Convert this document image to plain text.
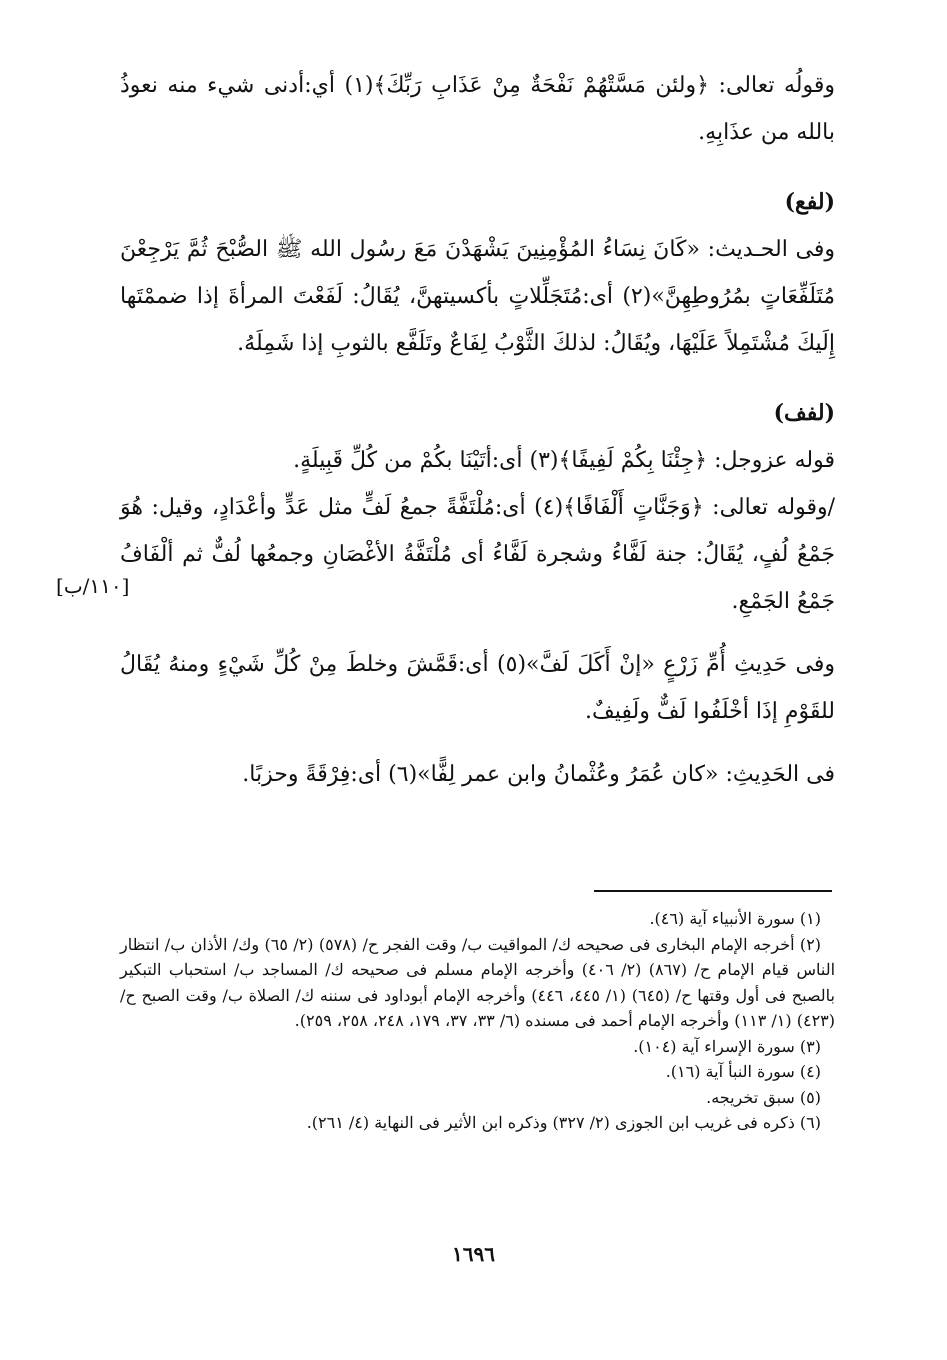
وقولُه تعالى: ﴿ولئن مَسَّتْهُمْ نَفْحَةٌ مِنْ عَذَابِ رَبِّكَ﴾(١) أي:أدنى شيء منه نعوذُ بالله من عذَابِهِ.

(لفع)

وفى الحـديث: «كَانَ نِسَاءُ المُؤْمِنِينَ يَشْهَدْنَ مَعَ رسُول الله ﷺ الصُّبْحَ ثُمَّ يَرْجِعْنَ مُتَلَفِّعَاتٍ بمُرُوطِهِنَّ»(٢) أى:مُتَجَلِّلاتٍ بأكسيتهنَّ، يُقَالُ: لَفَعْتَ المرأةَ إذا ضممْتَها إِلَيكَ مُشْتَمِلاً عَلَيْهَا، ويُقَالُ: لذلكَ الثَّوْبُ لِفَاعٌ وتَلَفَّع بالثوبِ إذا شَمِلَهُ.

(لفف)

قوله عزوجل: ﴿جِئْنَا بِكُمْ لَفِيفًا﴾(٣) أى:أتَيْنَا بكُمْ من كُلِّ قَبِيلَةٍ.

/وقوله تعالى: ﴿وَجَنَّاتٍ أَلْفَافًا﴾(٤) أى:مُلْتَفَّةً جمعُ لَفٍّ مثل عَدٍّ وأعْدَادٍ، وقيل: هُوَ جَمْعُ لُفٍ، يُقَالُ: جنة لَفَّاءُ وشجرة لَفَّاءُ أى مُلْتَفَّةُ الأغْصَانِ وجمعُها لُفٌّ ثم ألْفَافُ جَمْعُ الجَمْعِ.

وفى حَدِيثِ أُمِّ زَرْعٍ «إنْ أَكَلَ لَفَّ»(٥) أى:قَمَّشَ وخلطَ مِنْ كُلِّ شَيْءٍ ومنهُ يُقَالُ للقَوْمِ إذَا أخْلَفُوا لَفٌّ ولَفِيفٌ.

فى الحَدِيثِ: «كان عُمَرُ وعُثْمانُ وابن عمر لِفًّا»(٦) أى:فِرْقَةً وحزبًا.

[١١٠/ب]

(١) سورة الأنبياء آية (٤٦).

(٢) أخرجه الإمام البخارى فى صحيحه ك/ المواقيت ب/ وقت الفجر ح/ (٥٧٨) (٢/ ٦٥) وك/ الأذان ب/ انتظار الناس قيام الإمام ح/ (٨٦٧) (٢/ ٤٠٦) وأخرجه الإمام مسلم فى صحيحه ك/ المساجد ب/ استحباب التبكير بالصبح فى أول وقتها ح/ (٦٤٥) (١/ ٤٤٥، ٤٤٦) وأخرجه الإمام أبوداود فى سننه ك/ الصلاة ب/ وقت الصبح ح/ (٤٢٣) (١/ ١١٣) وأخرجه الإمام أحمد فى مسنده (٦/ ٣٣، ٣٧، ١٧٩، ٢٤٨، ٢٥٨، ٢٥٩).

(٣) سورة الإسراء آية (١٠٤).

(٤) سورة النبأ آية (١٦).

(٥) سبق تخريجه.

(٦) ذكره فى غريب ابن الجوزى (٢/ ٣٢٧) وذكره ابن الأثير فى النهاية (٤/ ٢٦١).

١٦٩٦
